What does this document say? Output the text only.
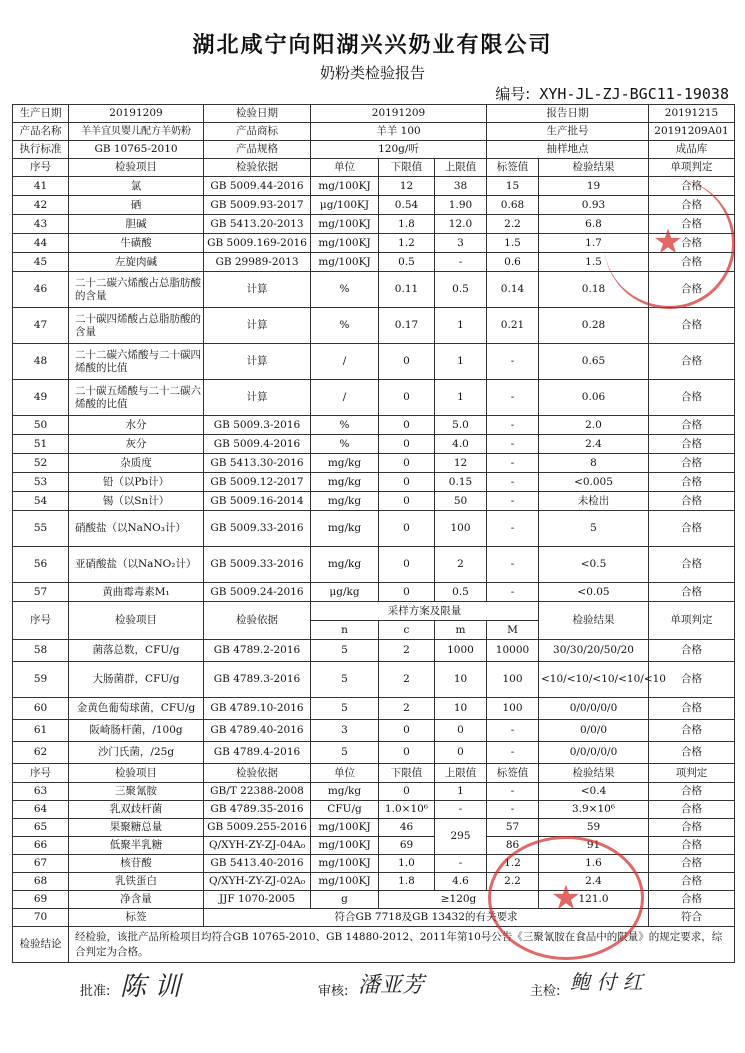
湖北咸宁向阳湖兴兴奶业有限公司
奶粉类检验报告
编号: XYH-JL-ZJ-BGC11-19038
生产日期	20191209	检验日期	20191209			报告日期		20191215
产品名称	羊羊宜贝婴儿配方羊奶粉	产品商标	羊羊 100			生产批号		20191209A01
执行标准	GB 10765-2010	产品规格	120g/听			抽样地点		成品库
序号	检验项目	检验依据	单位	下限值	上限值	标签值	检验结果	单项判定
41	氯	GB 5009.44-2016	mg/100KJ	12	38	15	19	合格
42	硒	GB 5009.93-2017	μg/100KJ	0.54	1.90	0.68	0.93	合格
43	胆碱	GB 5413.20-2013	mg/100KJ	1.8	12.0	2.2	6.8	合格
44	牛磺酸	GB 5009.169-2016	mg/100KJ	1.2	3	1.5	1.7	合格
45	左旋肉碱	GB 29989-2013	mg/100KJ	0.5	-	0.6	1.5	合格
46	二十二碳六烯酸占总脂肪酸的含量	计算	%	0.11	0.5	0.14	0.18	合格
47	二十碳四烯酸占总脂肪酸的含量	计算	%	0.17	1	0.21	0.28	合格
48	二十二碳六烯酸与二十碳四烯酸的比值	计算	/	0	1	-	0.65	合格
49	二十碳五烯酸与二十二碳六烯酸的比值	计算	/	0	1	-	0.06	合格
50	水分	GB 5009.3-2016	%	0	5.0	-	2.0	合格
51	灰分	GB 5009.4-2016	%	0	4.0	-	2.4	合格
52	杂质度	GB 5413.30-2016	mg/kg	0	12	-	8	合格
53	铅（以Pb计）	GB 5009.12-2017	mg/kg	0	0.15	-	<0.005	合格
54	锡（以Sn计）	GB 5009.16-2014	mg/kg	0	50	-	未检出	合格
55	硝酸盐（以NaNO₃计）	GB 5009.33-2016	mg/kg	0	100	-	5	合格
56	亚硝酸盐（以NaNO₂计）	GB 5009.33-2016	mg/kg	0	2	-	<0.5	合格
57	黄曲霉毒素M₁	GB 5009.24-2016	μg/kg	0	0.5	-	<0.05	合格
序号	检验项目	检验依据	采样方案及限量				检验结果	单项判定
			n	c	m	M		
58	菌落总数，CFU/g	GB 4789.2-2016	5	2	1000	10000	30/30/20/50/20	合格
59	大肠菌群，CFU/g	GB 4789.3-2016	5	2	10	100	<10/<10/<10/<10/<10	合格
60	金黄色葡萄球菌，CFU/g	GB 4789.10-2016	5	2	10	100	0/0/0/0/0	合格
61	阪崎肠杆菌，/100g	GB 4789.40-2016	3	0	0	-	0/0/0	合格
62	沙门氏菌，/25g	GB 4789.4-2016	5	0	0	-	0/0/0/0/0	合格
序号	检验项目	检验依据	单位	下限值	上限值	标签值	检验结果	项判定
63	三聚氰胺	GB/T 22388-2008	mg/kg	0	1	-	<0.4	合格
64	乳双歧杆菌	GB 4789.35-2016	CFU/g	1.0×10⁶	-	-	3.9×10⁶	合格
65	果聚糖总量	GB 5009.255-2016	mg/100KJ	46	295	57	59	合格
66	低聚半乳糖	Q/XYH-ZY-ZJ-04A₀	mg/100KJ	69		86	91	合格
67	核苷酸	GB 5413.40-2016	mg/100KJ	1.0	-	1.2	1.6	合格
68	乳铁蛋白	Q/XYH-ZY-ZJ-02A₀	mg/100KJ	1.8	4.6	2.2	2.4	合格
69	净含量	JJF 1070-2005	g	≥120g			121.0	合格
70	标签	符合GB 7718及GB 13432的有关要求						符合
检验结论	经检验，该批产品所检项目均符合GB 10765-2010、GB 14880-2012、2011年第10号公告《三聚氰胺在食品中的限量》的规定要求，综合判定为合格。							
批准: 陈 训	审核: 潘亚芳	主检: 鲍 付 红
★
★
